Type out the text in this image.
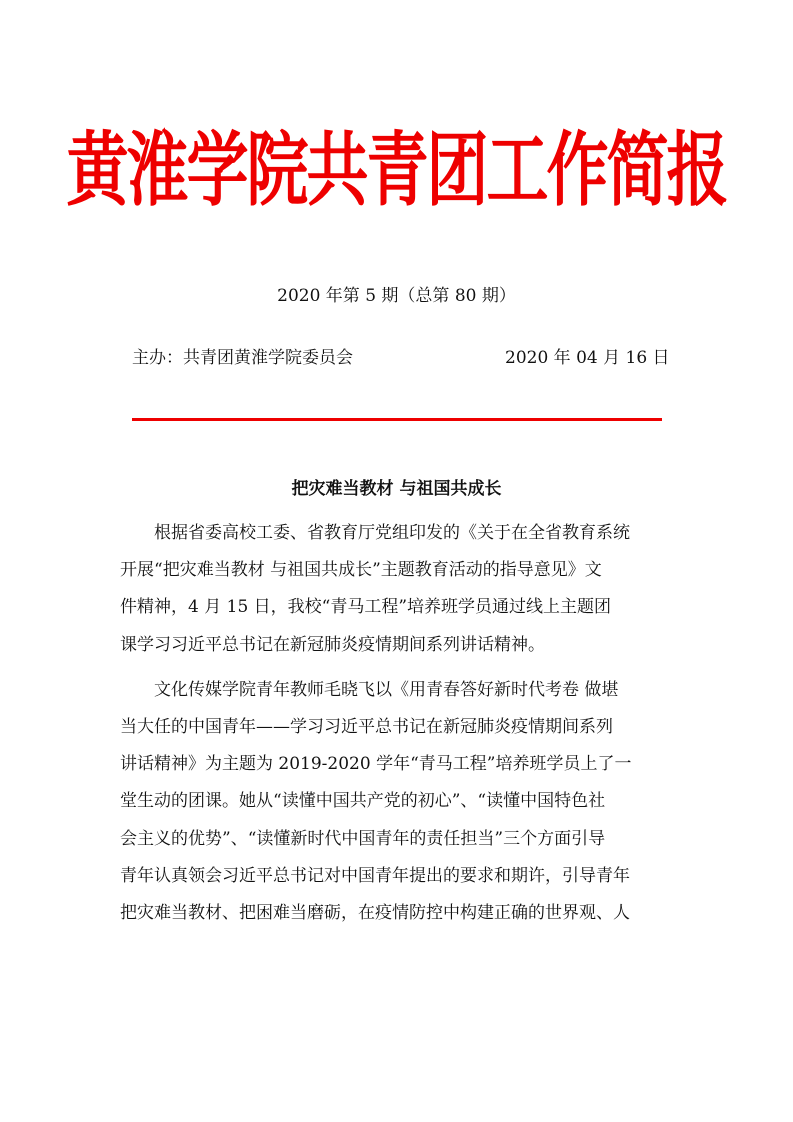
黄淮学院共青团工作简报
2020 年第 5 期（总第 80 期）
主办：共青团黄淮学院委员会	2020 年 04 月 16 日
把灾难当教材 与祖国共成长
　　根据省委高校工委、省教育厅党组印发的《关于在全省教育系统
开展“把灾难当教材 与祖国共成长”主题教育活动的指导意见》文
件精神，4 月 15 日，我校“青马工程”培养班学员通过线上主题团
课学习习近平总书记在新冠肺炎疫情期间系列讲话精神。
　　文化传媒学院青年教师毛晓飞以《用青春答好新时代考卷 做堪
当大任的中国青年——学习习近平总书记在新冠肺炎疫情期间系列
讲话精神》为主题为 2019-2020 学年“青马工程”培养班学员上了一
堂生动的团课。她从“读懂中国共产党的初心”、“读懂中国特色社
会主义的优势”、“读懂新时代中国青年的责任担当”三个方面引导
青年认真领会习近平总书记对中国青年提出的要求和期许，引导青年
把灾难当教材、把困难当磨砺，在疫情防控中构建正确的世界观、人
